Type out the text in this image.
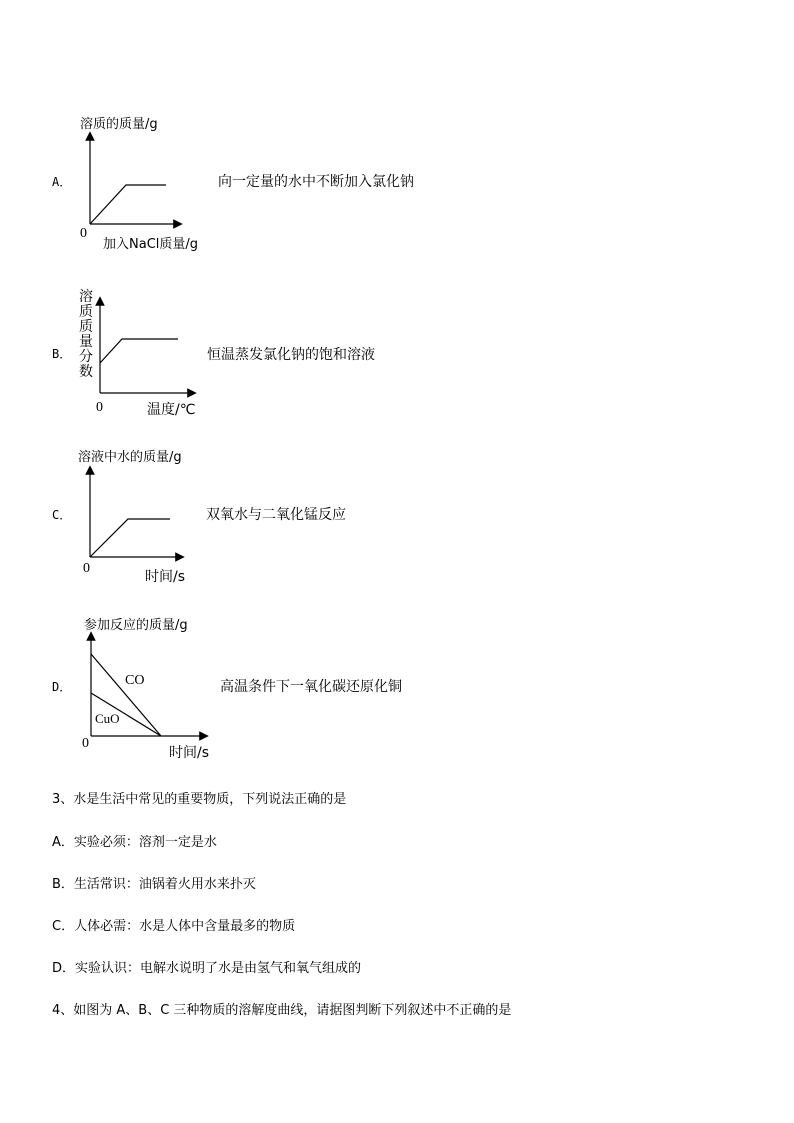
A．
溶质的质量/g
0
加入NaCl质量/g
向一定量的水中不断加入氯化钠
B．
溶
质
质
量
分
数
0	温度/℃
恒温蒸发氯化钠的饱和溶液
C．
溶液中水的质量/g
0
时间/s
双氧水与二氧化锰反应
D．
参加反应的质量/g
CO
CuO
0
时间/s
高温条件下一氧化碳还原化铜
3、水是生活中常见的重要物质，下列说法正确的是
A．实验必须：溶剂一定是水
B．生活常识：油锅着火用水来扑灭
C．人体必需：水是人体中含量最多的物质
D．实验认识：电解水说明了水是由氢气和氧气组成的
4、如图为 A、B、C 三种物质的溶解度曲线，请据图判断下列叙述中不正确的是
